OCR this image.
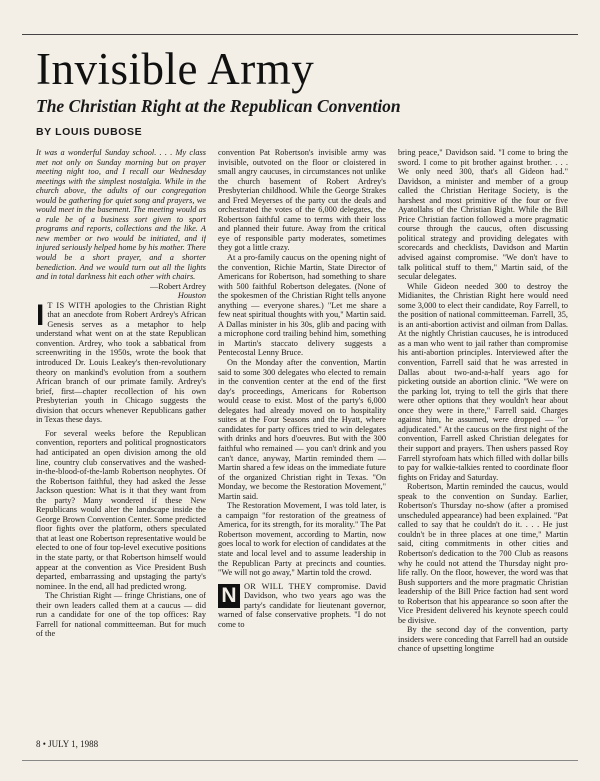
Invisible Army
The Christian Right at the Republican Convention
BY LOUIS DUBOSE

It was a wonderful Sunday school. . . . My class met not only on Sunday morning but on prayer meeting night too, and I recall our Wednesday meetings with the simplest nostalgia. While in the church above, the adults of our congregation would be gathering for quiet song and prayers, we would meet in the basement. The meeting would as a rule be of a business sort given to sport programs and reports, collections and the like. A new member or two would be initiated, and if injured seriously helped home by his mother. There would be a short prayer, and a shorter benediction. And we would turn out all the lights and in total darkness hit each other with chairs.

—Robert Ardrey

Houston

I T IS WITH apologies to the Christian Right that an anecdote from Robert Ardrey's African Genesis serves as a metaphor to help understand what went on at the state Republican convention. Ardrey, who took a sabbatical from screenwriting in the 1950s, wrote the book that introduced Dr. Louis Leakey's then-revolutionary theory on mankind's evolution from a southern African branch of our primate family. Ardrey's brief, first—chapter recollection of his own Presbyterian youth in Chicago suggests the division that occurs whenever Republicans gather in Texas these days.

For several weeks before the Republican convention, reporters and political prognosticators had anticipated an open division among the old line, country club conservatives and the washed-in-the-blood-of-the-lamb Robertson neophytes. Of the Robertson faithful, they had asked the Jesse Jackson question: What is it that they want from the party? Many wondered if these New Republicans would alter the landscape inside the George Brown Convention Center. Some predicted floor fights over the platform, others speculated that at least one Robertson representative would be elected to one of four top-level executive positions in the state party, or that Robertson himself would appear at the convention as Vice President Bush departed, embarrassing and upstaging the party's nominee. In the end, all had predicted wrong.

The Christian Right — fringe Christians, one of their own leaders called them at a caucus — did run a candidate for one of the top offices: Ray Farrell for national committeeman. But for much of the

convention Pat Robertson's invisible army was invisible, outvoted on the floor or cloistered in small angry caucuses, in circumstances not unlike the church basement of Robert Ardrey's Presbyterian childhood. While the George Strakes and Fred Meyerses of the party cut the deals and orchestrated the votes of the 6,000 delegates, the Robertson faithful came to terms with their loss and planned their future. Away from the critical eye of responsible party moderates, sometimes they got a little crazy.

At a pro-family caucus on the opening night of the convention, Richie Martin, State Director of Americans for Robertson, had something to share with 500 faithful Robertson delegates. (None of the spokesmen of the Christian Right tells anyone anything — everyone shares.) "Let me share a few neat spiritual thoughts with you," Martin said. A Dallas minister in his 30s, glib and pacing with a microphone cord trailing behind him, something in Martin's staccato delivery suggests a Pentecostal Lenny Bruce.

On the Monday after the convention, Martin said to some 300 delegates who elected to remain in the convention center at the end of the first day's proceedings, Americans for Robertson would cease to exist. Most of the party's 6,000 delegates had already moved on to hospitality suites at the Four Seasons and the Hyatt, where candidates for party offices tried to win delegates with drinks and hors d'oeuvres. But with the 300 faithful who remained — you can't drink and you can't dance, anyway, Martin reminded them — Martin shared a few ideas on the immediate future of the organized Christian right in Texas. "On Monday, we become the Restoration Movement," Martin said.

The Restoration Movement, I was told later, is a campaign "for restoration of the greatness of America, for its strength, for its morality." The Pat Robertson movement, according to Martin, now goes local to work for election of candidates at the state and local level and to assume leadership in the Republican Party at precincts and counties. "We will not go away," Martin told the crowd.

N OR WILL THEY compromise. David Davidson, who two years ago was the party's candidate for lieutenant governor, warned of false conservative prophets. "I do not come to

bring peace," Davidson said. "I come to bring the sword. I come to pit brother against brother. . . . We only need 300, that's all Gideon had." Davidson, a minister and member of a group called the Christian Heritage Society, is the harshest and most primitive of the four or five Ayatollahs of the Christian Right. While the Bill Price Christian faction followed a more pragmatic course through the caucus, often discussing political strategy and providing delegates with scorecards and checklists, Davidson and Martin advised against compromise. "We don't have to talk political stuff to them," Martin said, of the secular delegates.

While Gideon needed 300 to destroy the Midianites, the Christian Right here would need some 3,000 to elect their candidate, Roy Farrell, to the position of national committeeman. Farrell, 35, is an anti-abortion activist and oilman from Dallas. At the nightly Christian caucuses, he is introduced as a man who went to jail rather than compromise his anti-abortion principles. Interviewed after the convention, Farrell said that he was arrested in Dallas about two-and-a-half years ago for picketing outside an abortion clinic. "We were on the parking lot, trying to tell the girls that there were other options that they wouldn't hear about once they were in there," Farrell said. Charges against him, he assumed, were dropped — "or adjudicated." At the caucus on the first night of the convention, Farrell asked Christian delegates for their support and prayers. Then ushers passed Roy Farrell styrofoam hats which filled with dollar bills to pay for walkie-talkies rented to coordinate floor fights on Friday and Saturday.

Robertson, Martin reminded the caucus, would speak to the convention on Sunday. Earlier, Robertson's Thursday no-show (after a promised unscheduled appearance) had been explained. "Pat called to say that he couldn't do it. . . . He just couldn't be in three places at one time," Martin said, citing commitments in other cities and Robertson's dedication to the 700 Club as reasons why he could not attend the Thursday night pro-life rally. On the floor, however, the word was that Bush supporters and the more pragmatic Christian leadership of the Bill Price faction had sent word to Robertson that his appearance so soon after the Vice President delivered his keynote speech could be divisive.

By the second day of the convention, party insiders were conceding that Farrell had an outside chance of upsetting longtime

8 • JULY 1, 1988
